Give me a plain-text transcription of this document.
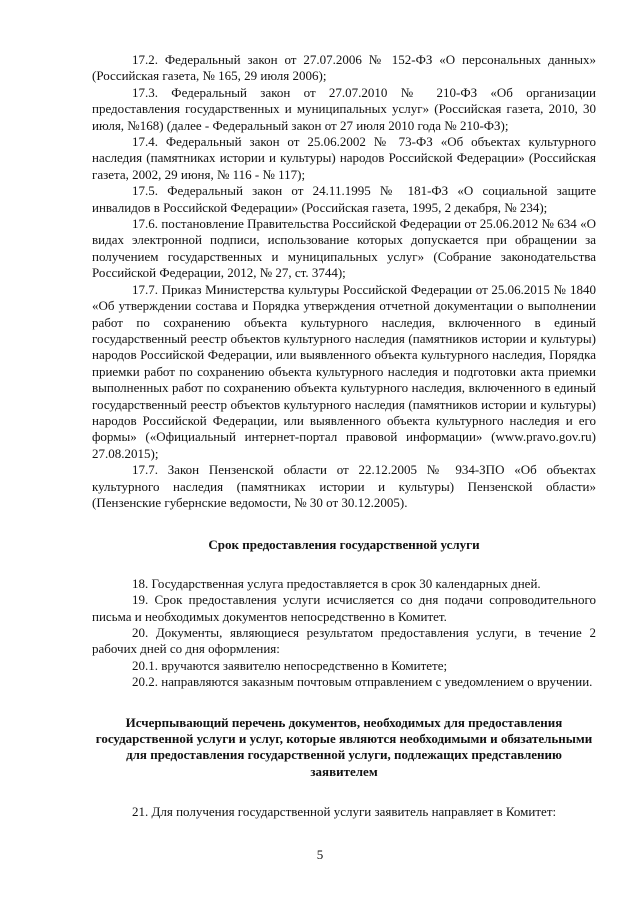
17.2. Федеральный закон от 27.07.2006 № 152-ФЗ «О персональных данных» (Российская газета, № 165, 29 июля 2006);

17.3. Федеральный закон от 27.07.2010 № 210-ФЗ «Об организации предоставления государственных и муниципальных услуг» (Российская газета, 2010, 30 июля, №168) (далее - Федеральный закон от 27 июля 2010 года № 210-ФЗ);

17.4. Федеральный закон от 25.06.2002 № 73-ФЗ «Об объектах культурного наследия (памятниках истории и культуры) народов Российской Федерации» (Российская газета, 2002, 29 июня, № 116 - № 117);

17.5. Федеральный закон от 24.11.1995 № 181-ФЗ «О социальной защите инвалидов в Российской Федерации» (Российская газета, 1995, 2 декабря, № 234);

17.6. постановление Правительства Российской Федерации от 25.06.2012 № 634 «О видах электронной подписи, использование которых допускается при обращении за получением государственных и муниципальных услуг» (Собрание законодательства Российской Федерации, 2012, № 27, ст. 3744);

17.7. Приказ Министерства культуры Российской Федерации от 25.06.2015 № 1840 «Об утверждении состава и Порядка утверждения отчетной документации о выполнении работ по сохранению объекта культурного наследия, включенного в единый государственный реестр объектов культурного наследия (памятников истории и культуры) народов Российской Федерации, или выявленного объекта культурного наследия, Порядка приемки работ по сохранению объекта культурного наследия и подготовки акта приемки выполненных работ по сохранению объекта культурного наследия, включенного в единый государственный реестр объектов культурного наследия (памятников истории и культуры) народов Российской Федерации, или выявленного объекта культурного наследия и его формы» («Официальный интернет-портал правовой информации» (www.pravo.gov.ru) 27.08.2015);

17.7. Закон Пензенской области от 22.12.2005 № 934-ЗПО «Об объектах культурного наследия (памятниках истории и культуры) Пензенской области» (Пензенские губернские ведомости, № 30 от 30.12.2005).

Срок предоставления государственной услуги

18. Государственная услуга предоставляется в срок 30 календарных дней.

19. Срок предоставления услуги исчисляется со дня подачи сопроводительного письма и необходимых документов непосредственно в Комитет.

20. Документы, являющиеся результатом предоставления услуги, в течение 2 рабочих дней со дня оформления:

20.1. вручаются заявителю непосредственно в Комитете;

20.2. направляются заказным почтовым отправлением с уведомлением о вручении.

Исчерпывающий перечень документов, необходимых для предоставления государственной услуги и услуг, которые являются необходимыми и обязательными для предоставления государственной услуги, подлежащих представлению заявителем

21. Для получения государственной услуги заявитель направляет в Комитет:

5
